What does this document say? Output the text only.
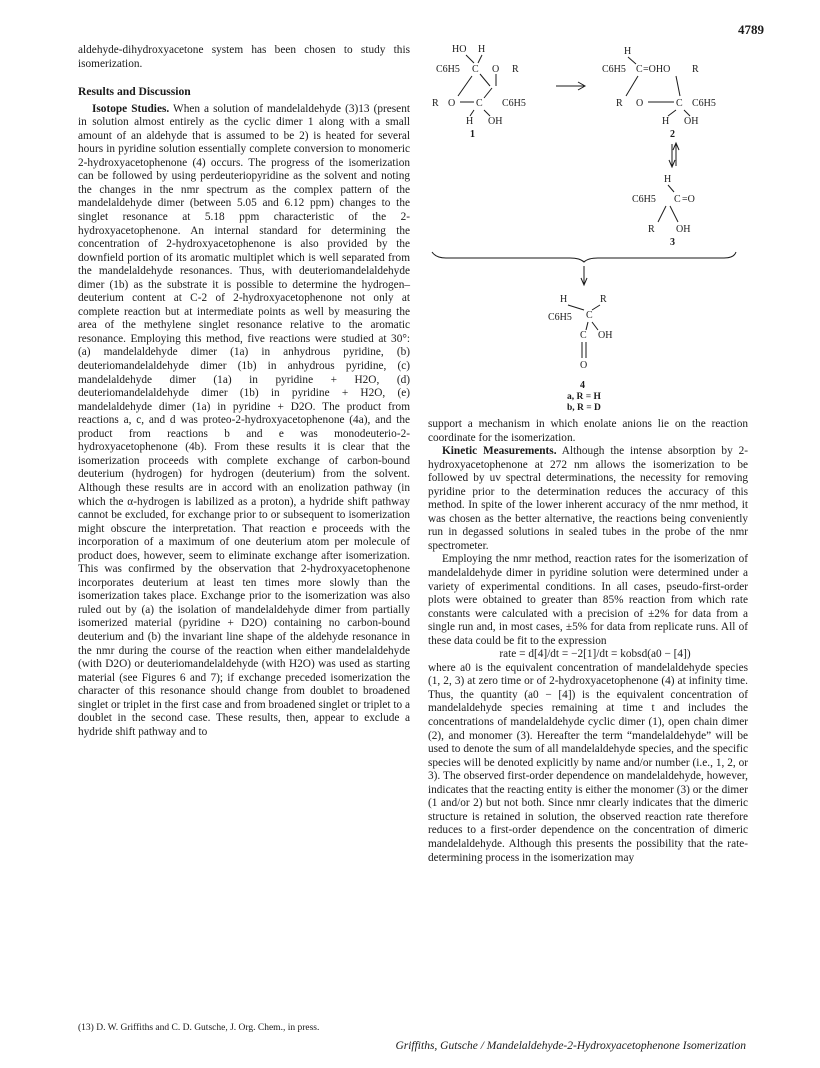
4789

aldehyde-dihydroxyacetone system has been chosen to study this isomerization.

Results and Discussion

Isotope Studies. When a solution of mandelaldehyde (3)13 (present in solution almost entirely as the cyclic dimer 1 along with a small amount of an aldehyde that is assumed to be 2) is heated for several hours in pyridine solution essentially complete conversion to monomeric 2-hydroxyacetophenone (4) occurs. The progress of the isomerization can be followed by using perdeuteriopyridine as the solvent and noting the changes in the nmr spectrum as the complex pattern of the mandelaldehyde dimer (between 5.05 and 6.12 ppm) changes to the singlet resonance at 5.18 ppm characteristic of the 2-hydroxyacetophenone. An internal standard for determining the concentration of 2-hydroxyacetophenone is also provided by the downfield portion of its aromatic multiplet which is well separated from the mandelaldehyde resonances. Thus, with deuteriomandelaldehyde dimer (1b) as the substrate it is possible to determine the hydrogen–deuterium content at C-2 of 2-hydroxyacetophenone not only at complete reaction but at intermediate points as well by measuring the area of the methylene singlet resonance relative to the aromatic resonance. Employing this method, five reactions were studied at 30°: (a) mandelaldehyde dimer (1a) in anhydrous pyridine, (b) deuteriomandelaldehyde dimer (1b) in anhydrous pyridine, (c) mandelaldehyde dimer (1a) in pyridine + H2O, (d) deuteriomandelaldehyde dimer (1b) in pyridine + H2O, (e) mandelaldehyde dimer (1a) in pyridine + D2O. The product from reactions a, c, and d was proteo-2-hydroxyacetophenone (4a), and the product from reactions b and e was monodeuterio-2-hydroxyacetophenone (4b). From these results it is clear that the isomerization proceeds with complete exchange of carbon-bound deuterium (hydrogen) for hydrogen (deuterium) from the solvent. Although these results are in accord with an enolization pathway (in which the α-hydrogen is labilized as a proton), a hydride shift pathway cannot be excluded, for exchange prior to or subsequent to isomerization might obscure the interpretation. That reaction e proceeds with the incorporation of a maximum of one deuterium atom per molecule of product does, however, seem to eliminate exchange after isomerization. This was confirmed by the observation that 2-hydroxyacetophenone incorporates deuterium at least ten times more slowly than the isomerization takes place. Exchange prior to the isomerization was also ruled out by (a) the isolation of mandelaldehyde dimer from partially isomerized material (pyridine + D2O) containing no carbon-bound deuterium and (b) the invariant line shape of the aldehyde resonance in the nmr during the course of the reaction when either mandelaldehyde (with D2O) or deuteriomandelaldehyde (with H2O) was used as starting material (see Figures 6 and 7); if exchange preceded isomerization the character of this resonance should change from doublet to broadened singlet or triplet in the first case and from broadened singlet or triplet to a doublet in the second case. These results, then, appear to exclude a hydride shift pathway and to

(13) D. W. Griffiths and C. D. Gutsche, J. Org. Chem., in press.
HO H
C6H5 C O R
R O C C6H5
H OH
1
H
C6H5 C =OHO R
R O	C C6H5
H OH
2
H
C6H5 C =O
R OH
3
H	R
C6H5 C
C OH
O
4
a, R = H
b, R = D

support a mechanism in which enolate anions lie on the reaction coordinate for the isomerization.

Kinetic Measurements. Although the intense absorption by 2-hydroxyacetophenone at 272 nm allows the isomerization to be followed by uv spectral determinations, the necessity for removing pyridine prior to the determination reduces the accuracy of this method. In spite of the lower inherent accuracy of the nmr method, it was chosen as the better alternative, the reactions being conveniently run in degassed solutions in sealed tubes in the probe of the nmr spectrometer.

Employing the nmr method, reaction rates for the isomerization of mandelaldehyde dimer in pyridine solution were determined under a variety of experimental conditions. In all cases, pseudo-first-order plots were obtained to greater than 85% reaction from which rate constants were calculated with a precision of ±2% for data from a single run and, in most cases, ±5% for data from replicate runs. All of these data could be fit to the expression

rate = d[4]/dt = −2[1]/dt = kobsd(a0 − [4])

where a0 is the equivalent concentration of mandelaldehyde species (1, 2, 3) at zero time or of 2-hydroxyacetophenone (4) at infinity time. Thus, the quantity (a0 − [4]) is the equivalent concentration of mandelaldehyde species remaining at time t and includes the concentrations of mandelaldehyde cyclic dimer (1), open chain dimer (2), and monomer (3). Hereafter the term “mandelaldehyde” will be used to denote the sum of all mandelaldehyde species, and the specific species will be denoted explicitly by name and/or number (i.e., 1, 2, or 3). The observed first-order dependence on mandelaldehyde, however, indicates that the reacting entity is either the monomer (3) or the dimer (1 and/or 2) but not both. Since nmr clearly indicates that the dimeric structure is retained in solution, the observed reaction rate therefore reduces to a first-order dependence on the concentration of dimeric mandelaldehyde. Although this presents the possibility that the rate-determining process in the isomerization may

Griffiths, Gutsche / Mandelaldehyde-2-Hydroxyacetophenone Isomerization
